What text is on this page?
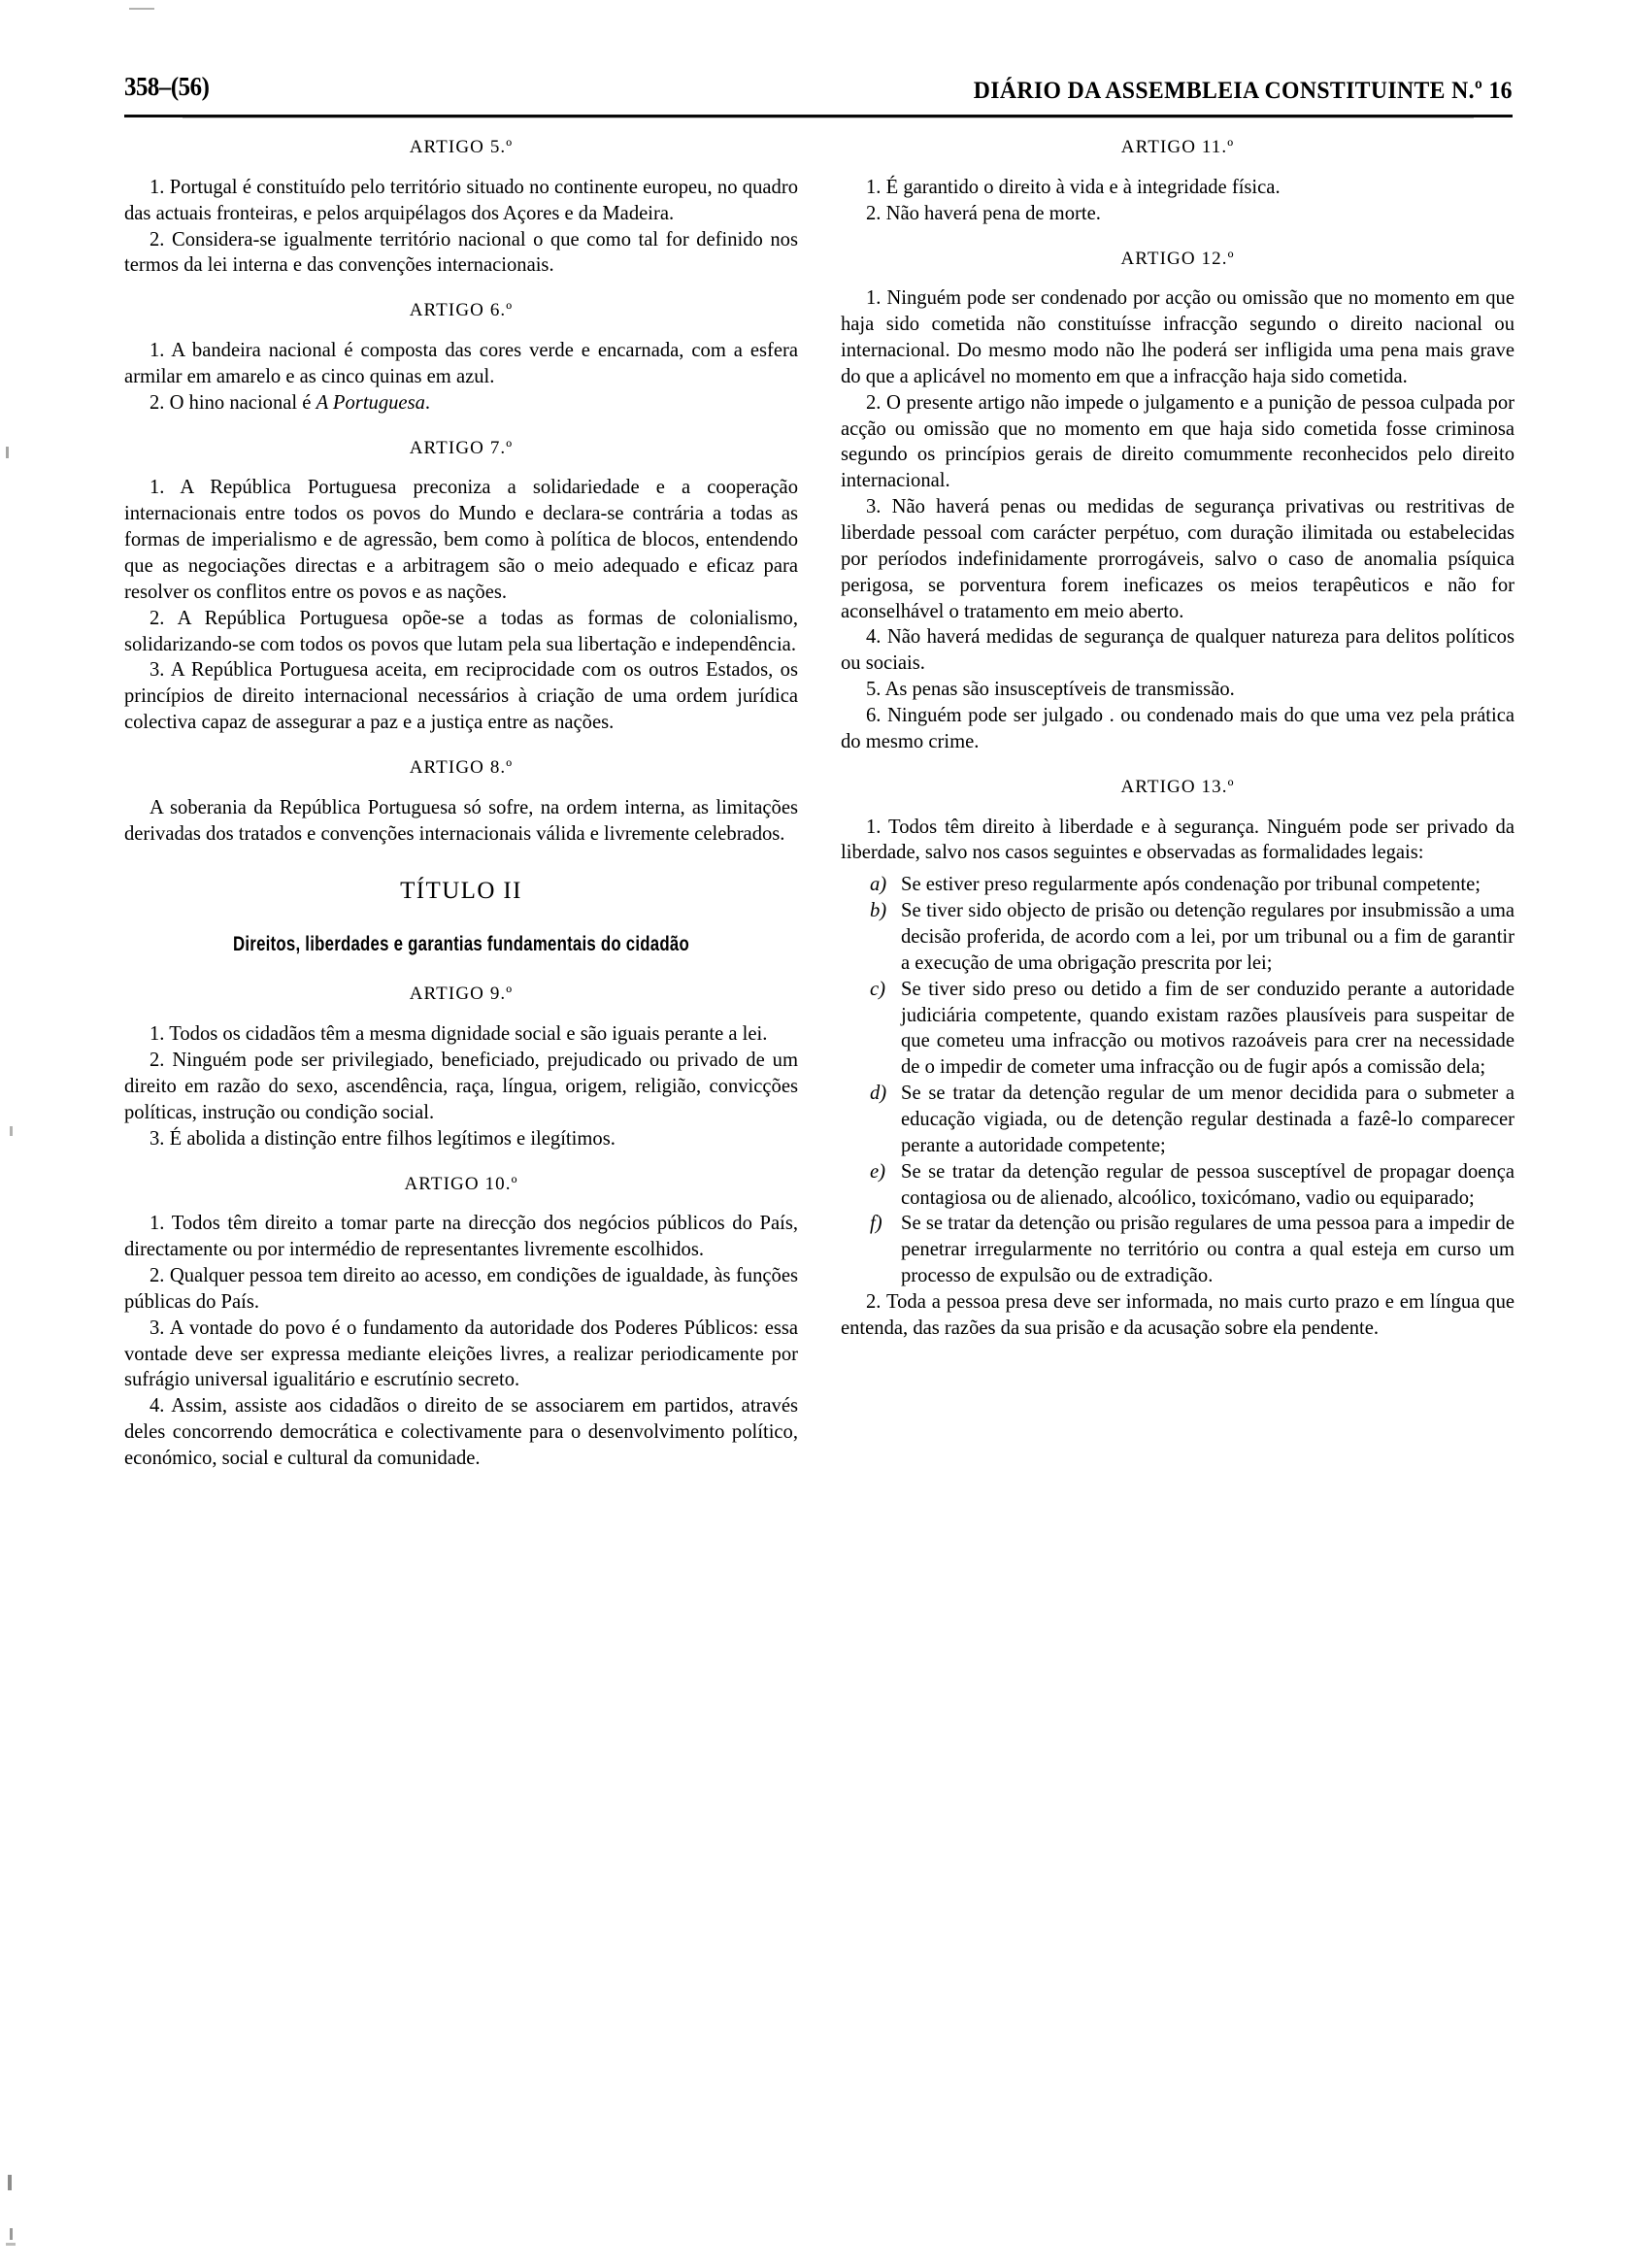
358–(56)	DIÁRIO DA ASSEMBLEIA CONSTITUINTE N.º 16
ARTIGO 5.º

1. Portugal é constituído pelo território situado no continente europeu, no quadro das actuais fronteiras, e pelos arquipélagos dos Açores e da Madeira.

2. Considera-se igualmente território nacional o que como tal for definido nos termos da lei interna e das convenções internacionais.

ARTIGO 6.º

1. A bandeira nacional é composta das cores verde e encarnada, com a esfera armilar em amarelo e as cinco quinas em azul.

2. O hino nacional é A Portuguesa.

ARTIGO 7.º

1. A República Portuguesa preconiza a solidariedade e a cooperação internacionais entre todos os povos do Mundo e declara-se contrária a todas as formas de imperialismo e de agressão, bem como à política de blocos, entendendo que as negociações directas e a arbitragem são o meio adequado e eficaz para resolver os conflitos entre os povos e as nações.

2. A República Portuguesa opõe-se a todas as formas de colonialismo, solidarizando-se com todos os povos que lutam pela sua libertação e independência.

3. A República Portuguesa aceita, em reciprocidade com os outros Estados, os princípios de direito internacional necessários à criação de uma ordem jurídica colectiva capaz de assegurar a paz e a justiça entre as nações.

ARTIGO 8.º

A soberania da República Portuguesa só sofre, na ordem interna, as limitações derivadas dos tratados e convenções internacionais válida e livremente celebrados.

TÍTULO II
Direitos, liberdades e garantias fundamentais do cidadão
ARTIGO 9.º

1. Todos os cidadãos têm a mesma dignidade social e são iguais perante a lei.

2. Ninguém pode ser privilegiado, beneficiado, prejudicado ou privado de um direito em razão do sexo, ascendência, raça, língua, origem, religião, convicções políticas, instrução ou condição social.

3. É abolida a distinção entre filhos legítimos e ilegítimos.

ARTIGO 10.º

1. Todos têm direito a tomar parte na direcção dos negócios públicos do País, directamente ou por intermédio de representantes livremente escolhidos.

2. Qualquer pessoa tem direito ao acesso, em condições de igualdade, às funções públicas do País.

3. A vontade do povo é o fundamento da autoridade dos Poderes Públicos: essa vontade deve ser expressa mediante eleições livres, a realizar periodicamente por sufrágio universal igualitário e escrutínio secreto.

4. Assim, assiste aos cidadãos o direito de se associarem em partidos, através deles concorrendo democrática e colectivamente para o desenvolvimento político, económico, social e cultural da comunidade.

ARTIGO 11.º

1. É garantido o direito à vida e à integridade física.

2. Não haverá pena de morte.

ARTIGO 12.º

1. Ninguém pode ser condenado por acção ou omissão que no momento em que haja sido cometida não constituísse infracção segundo o direito nacional ou internacional. Do mesmo modo não lhe poderá ser infligida uma pena mais grave do que a aplicável no momento em que a infracção haja sido cometida.

2. O presente artigo não impede o julgamento e a punição de pessoa culpada por acção ou omissão que no momento em que haja sido cometida fosse criminosa segundo os princípios gerais de direito comummente reconhecidos pelo direito internacional.

3. Não haverá penas ou medidas de segurança privativas ou restritivas de liberdade pessoal com carácter perpétuo, com duração ilimitada ou estabelecidas por períodos indefinidamente prorrogáveis, salvo o caso de anomalia psíquica perigosa, se porventura forem ineficazes os meios terapêuticos e não for aconselhável o tratamento em meio aberto.

4. Não haverá medidas de segurança de qualquer natureza para delitos políticos ou sociais.

5. As penas são insusceptíveis de transmissão.

6. Ninguém pode ser julgado . ou condenado mais do que uma vez pela prática do mesmo crime.

ARTIGO 13.º

1. Todos têm direito à liberdade e à segurança. Ninguém pode ser privado da liberdade, salvo nos casos seguintes e observadas as formalidades legais:

a) Se estiver preso regularmente após condenação por tribunal competente;
b) Se tiver sido objecto de prisão ou detenção regulares por insubmissão a uma decisão proferida, de acordo com a lei, por um tribunal ou a fim de garantir a execução de uma obrigação prescrita por lei;
c) Se tiver sido preso ou detido a fim de ser conduzido perante a autoridade judiciária competente, quando existam razões plausíveis para suspeitar de que cometeu uma infracção ou motivos razoáveis para crer na necessidade de o impedir de cometer uma infracção ou de fugir após a comissão dela;
d) Se se tratar da detenção regular de um menor decidida para o submeter a educação vigiada, ou de detenção regular destinada a fazê-lo comparecer perante a autoridade competente;
e) Se se tratar da detenção regular de pessoa susceptível de propagar doença contagiosa ou de alienado, alcoólico, toxicómano, vadio ou equiparado;
f) Se se tratar da detenção ou prisão regulares de uma pessoa para a impedir de penetrar irregularmente no território ou contra a qual esteja em curso um processo de expulsão ou de extradição.

2. Toda a pessoa presa deve ser informada, no mais curto prazo e em língua que entenda, das razões da sua prisão e da acusação sobre ela pendente.
